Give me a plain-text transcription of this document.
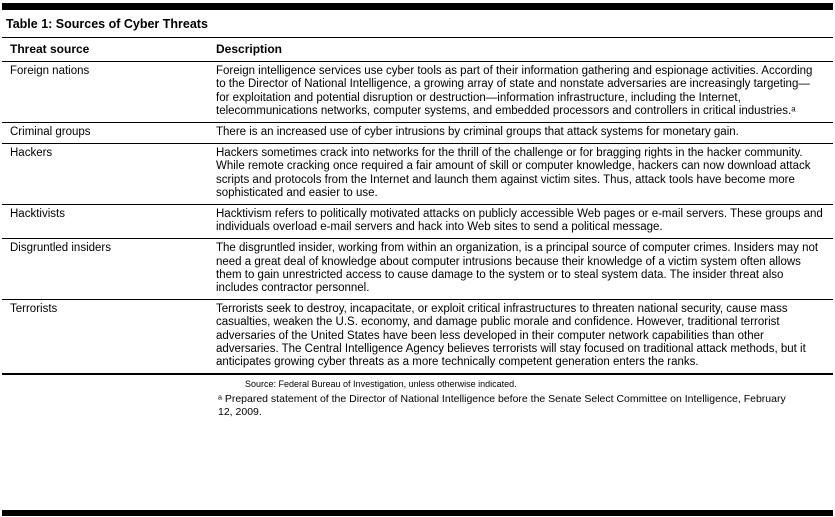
Table 1: Sources of Cyber Threats
Threat source	Description
Foreign nations	Foreign intelligence services use cyber tools as part of their information gathering and espionage activities. According to the Director of National Intelligence, a growing array of state and nonstate adversaries are increasingly targeting—for exploitation and potential disruption or destruction—information infrastructure, including the Internet, telecommunications networks, computer systems, and embedded processors and controllers in critical industries.ᵃ
Criminal groups	There is an increased use of cyber intrusions by criminal groups that attack systems for monetary gain.
Hackers	Hackers sometimes crack into networks for the thrill of the challenge or for bragging rights in the hacker community. While remote cracking once required a fair amount of skill or computer knowledge, hackers can now download attack scripts and protocols from the Internet and launch them against victim sites. Thus, attack tools have become more sophisticated and easier to use.
Hacktivists	Hacktivism refers to politically motivated attacks on publicly accessible Web pages or e-mail servers. These groups and individuals overload e-mail servers and hack into Web sites to send a political message.
Disgruntled insiders	The disgruntled insider, working from within an organization, is a principal source of computer crimes. Insiders may not need a great deal of knowledge about computer intrusions because their knowledge of a victim system often allows them to gain unrestricted access to cause damage to the system or to steal system data. The insider threat also includes contractor personnel.
Terrorists	Terrorists seek to destroy, incapacitate, or exploit critical infrastructures to threaten national security, cause mass casualties, weaken the U.S. economy, and damage public morale and confidence. However, traditional terrorist adversaries of the United States have been less developed in their computer network capabilities than other adversaries. The Central Intelligence Agency believes terrorists will stay focused on traditional attack methods, but it anticipates growing cyber threats as a more technically competent generation enters the ranks.
Source: Federal Bureau of Investigation, unless otherwise indicated.
ᵃ Prepared statement of the Director of National Intelligence before the Senate Select Committee on Intelligence, February 12, 2009.
